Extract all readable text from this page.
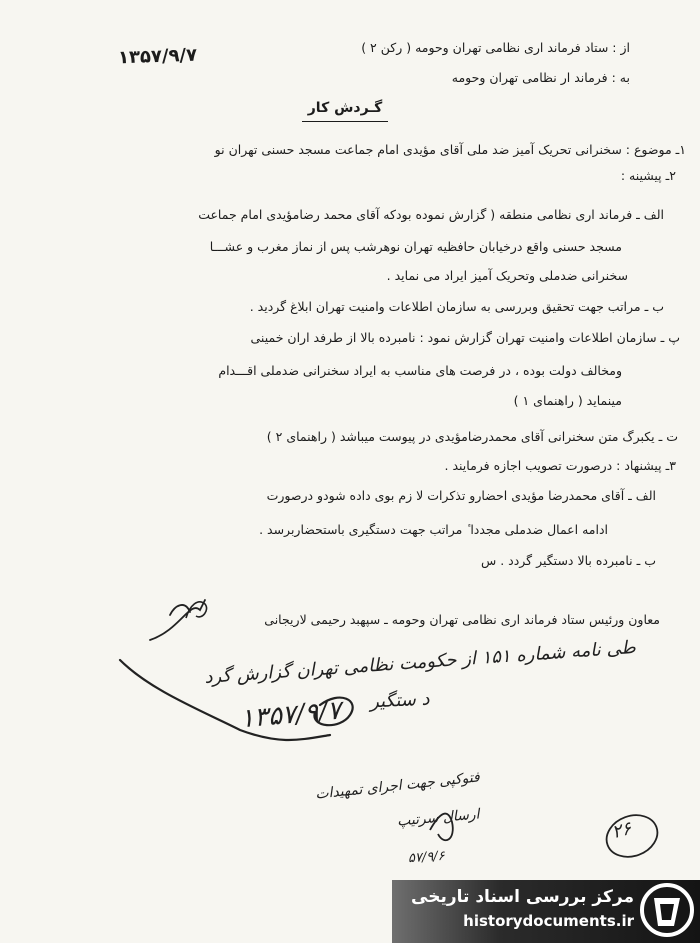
از : ستاد فرماند اری نظامی تهران وحومه ( رکن ۲ )
۱۳۵۷/۹/۷
به : فرماند ار نظامی تهران وحومه
گـردش کار
۱ـ موضوع : سخنرانی تحریک آمیز ضد ملی آقای مؤیدی امام جماعت مسجد حسنی تهران نو
۲ـ پیشینه :
الف ـ فرماند اری نظامی منطقه ( گزارش نموده بودکه آقای محمد رضامؤیدی امام جماعت
مسجد حسنی واقع درخیابان حافظیه تهران نوهرشب پس از نماز مغرب و عشـــا
سخنرانی ضدملی وتحریک آمیز ایراد می نماید .
ب ـ مراتب جهت تحقیق وبررسی به سازمان اطلاعات وامنیت تهران ابلاغ گردید .
پ ـ سازمان اطلاعات وامنیت تهران گزارش نمود : نامبرده بالا از طرفد اران خمینی
ومخالف دولت بوده ، در فرصت های مناسب به ایراد سخنرانی ضدملی اقـــدام
مینماید ( راهنمای ۱ )
ت ـ یکبرگ متن سخنرانی آقای محمدرضامؤیدی در پیوست میباشد ( راهنمای ۲ )
۳ـ پیشنهاد : درصورت تصویب اجازه فرمایند .
الف ـ آقای محمدرضا مؤیدی احضارو تذکرات لا زم بوی داده شودو درصورت
ادامه اعمال ضدملی مجددا ٔ مراتب جهت دستگیری باستحضاربرسد .
ب ـ نامبرده بالا دستگیر گردد . س
معاون ورئیس ستاد فرماند اری نظامی تهران وحومه ـ سپهبد رحیمی لاریجانی
طی نامه شماره ۱۵۱ از حکومت نظامی تهران گزارش گرد
د ستگیر
۱۳۵۷/۹/۷
فتوکپی جهت اجرای تمهیدات
ارسال سرتیپ
۵۷/۹/۶
۲۶
مرکز بررسی اسناد تاریخی
historydocuments.ir
